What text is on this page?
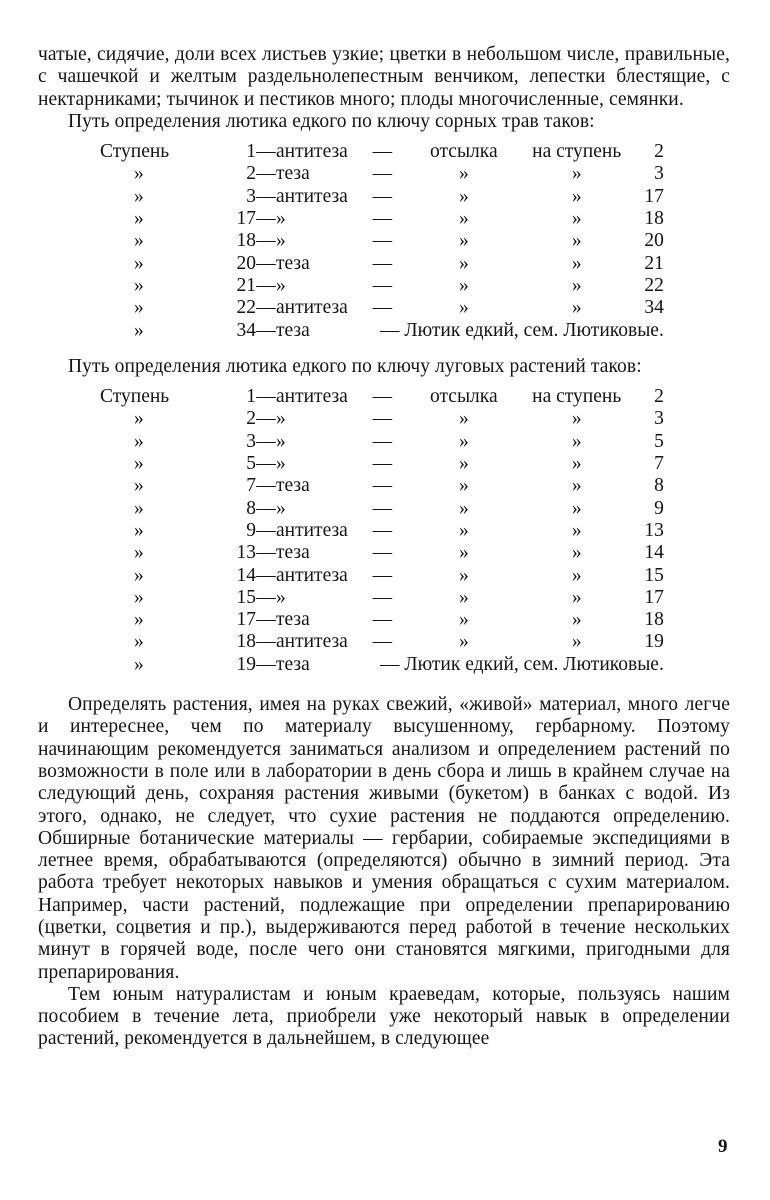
чатые, сидячие, доли всех листьев узкие; цветки в небольшом числе, правильные, с чашечкой и желтым раздельнолепестным венчиком, лепестки блестящие, с нектарниками; тычинок и пестиков много; плоды многочисленные, семянки.

Путь определения лютика едкого по ключу сорных трав таков:

Ступень	1	—	антитеза	—	отсылка	на ступень	2
»	2	—	теза	—	»	»	3
»	3	—	антитеза	—	»	»	17
»	17	—	»	—	»	»	18
»	18	—	»	—	»	»	20
»	20	—	теза	—	»	»	21
»	21	—	»	—	»	»	22
»	22	—	антитеза	—	»	»	34
»	34	—	теза	— Лютик едкий, сем. Лютиковые.			

Путь определения лютика едкого по ключу луговых растений таков:

Ступень	1	—	антитеза	—	отсылка	на ступень	2
»	2	—	»	—	»	»	3
»	3	—	»	—	»	»	5
»	5	—	»	—	»	»	7
»	7	—	теза	—	»	»	8
»	8	—	»	—	»	»	9
»	9	—	антитеза	—	»	»	13
»	13	—	теза	—	»	»	14
»	14	—	антитеза	—	»	»	15
»	15	—	»	—	»	»	17
»	17	—	теза	—	»	»	18
»	18	—	антитеза	—	»	»	19
»	19	—	теза	— Лютик едкий, сем. Лютиковые.			

Определять растения, имея на руках свежий, «живой» материал, много легче и интереснее, чем по материалу высушенному, гербарному. Поэтому начинающим рекомендуется заниматься анализом и определением растений по возможности в поле или в лаборатории в день сбора и лишь в крайнем случае на следующий день, сохраняя растения живыми (букетом) в банках с водой. Из этого, однако, не следует, что сухие растения не поддаются определению. Обширные ботанические материалы — гербарии, собираемые экспедициями в летнее время, обрабатываются (определяются) обычно в зимний период. Эта работа требует некоторых навыков и умения обращаться с сухим материалом. Например, части растений, подлежащие при определении препарированию (цветки, соцветия и пр.), выдерживаются перед работой в течение нескольких минут в горячей воде, после чего они становятся мягкими, пригодными для препарирования.

Тем юным натуралистам и юным краеведам, которые, пользуясь нашим пособием в течение лета, приобрели уже некоторый навык в определении растений, рекомендуется в дальнейшем, в следующее

9
